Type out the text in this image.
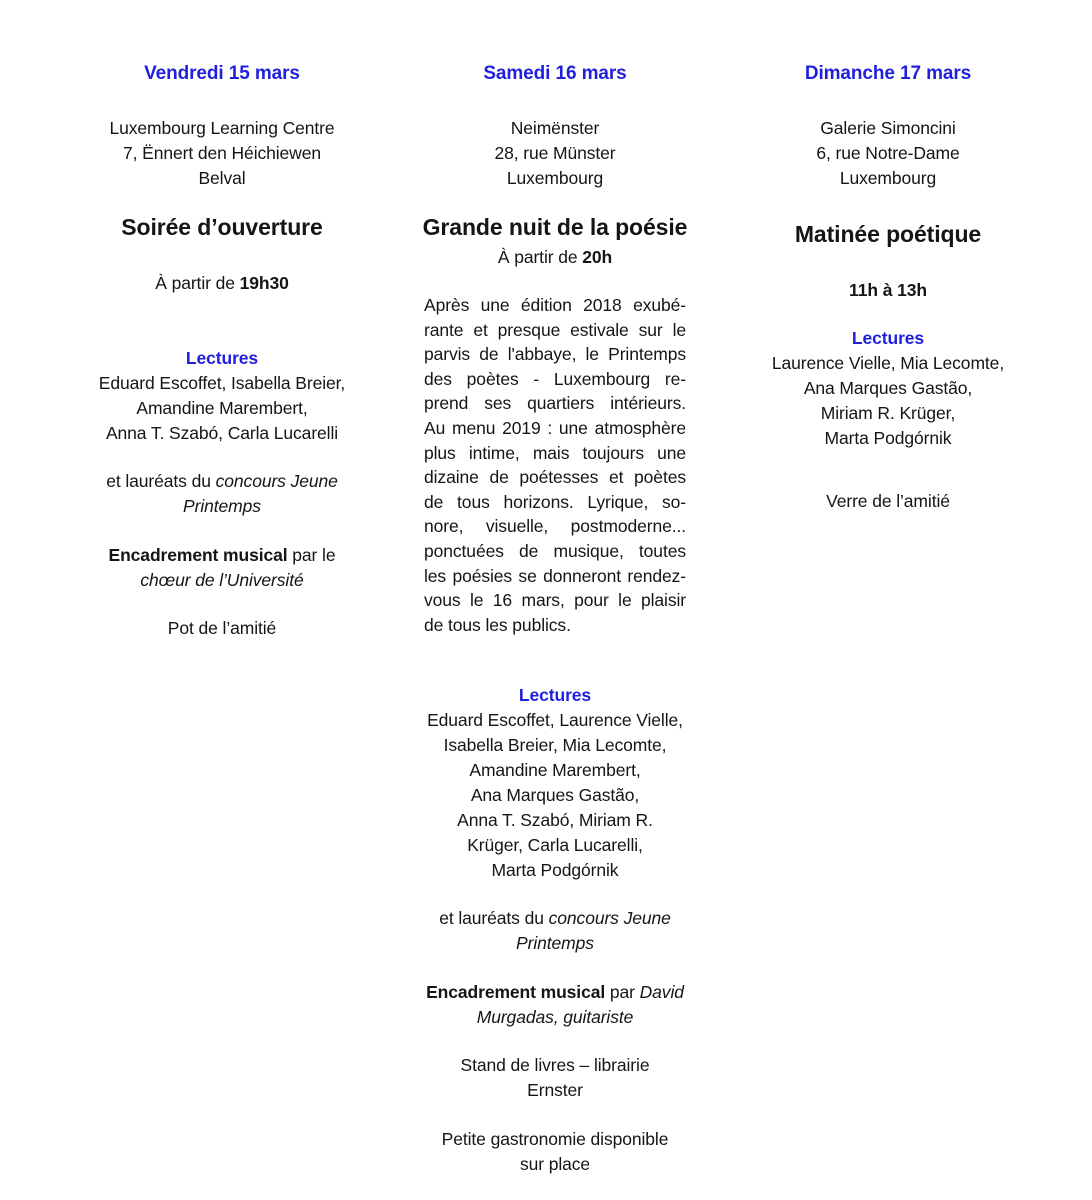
Vendredi 15 mars
Luxembourg Learning Centre
7, Ënnert den Héichiewen
Belval
Soirée d’ouverture
À partir de 19h30
Lectures
Eduard Escoffet, Isabella Breier,
Amandine Marembert,
Anna T. Szabó, Carla Lucarelli
et lauréats du concours Jeune Printemps
Encadrement musical par le chœur de l’Université
Pot de l’amitié
Samedi 16 mars
Neimënster
28, rue Münster
Luxembourg
Grande nuit de la poésie
À partir de 20h
Après une édition 2018 exubé-
rante et presque estivale sur le
parvis de l'abbaye, le Printemps
des poètes - Luxembourg re-
prend ses quartiers intérieurs.
Au menu 2019 : une atmosphère
plus intime, mais toujours une
dizaine de poétesses et poètes
de tous horizons. Lyrique, so-
nore, visuelle, postmoderne...
ponctuées de musique, toutes
les poésies se donneront rendez-
vous le 16 mars, pour le plaisir
de tous les publics.
Lectures
Eduard Escoffet, Laurence Vielle,
Isabella Breier, Mia Lecomte,
Amandine Marembert,
Ana Marques Gastão,
Anna T. Szabó, Miriam R.
Krüger, Carla Lucarelli,
Marta Podgórnik
et lauréats du concours Jeune Printemps
Encadrement musical par David Murgadas, guitariste
Stand de livres – librairie
Ernster
Petite gastronomie disponible
sur place
Dimanche 17 mars
Galerie Simoncini
6, rue Notre-Dame
Luxembourg
Matinée poétique
11h à 13h
Lectures
Laurence Vielle, Mia Lecomte,
Ana Marques Gastão,
Miriam R. Krüger,
Marta Podgórnik
Verre de l’amitié
